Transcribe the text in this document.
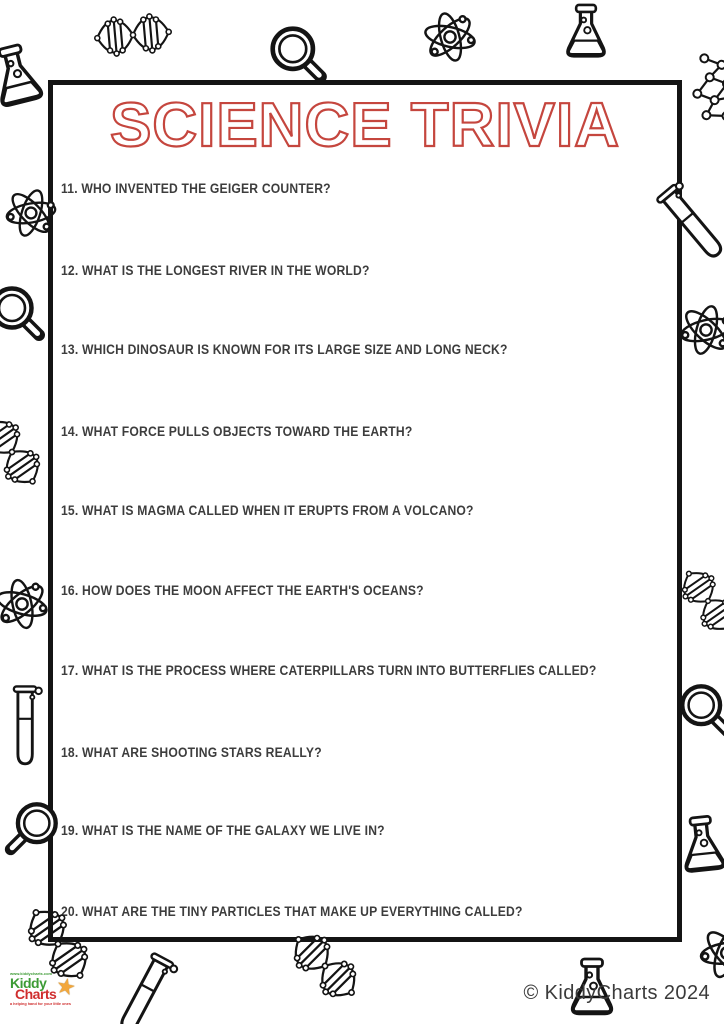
SCIENCE TRIVIA
11. WHO INVENTED THE GEIGER COUNTER?
12. WHAT IS THE LONGEST RIVER IN THE WORLD?
13. WHICH DINOSAUR IS KNOWN FOR ITS LARGE SIZE AND LONG NECK?
14. WHAT FORCE PULLS OBJECTS TOWARD THE EARTH?
15. WHAT IS MAGMA CALLED WHEN IT ERUPTS FROM A VOLCANO?
16. HOW DOES THE MOON AFFECT THE EARTH'S OCEANS?
17. WHAT IS THE PROCESS WHERE CATERPILLARS TURN INTO BUTTERFLIES CALLED?
18. WHAT ARE SHOOTING STARS REALLY?
19. WHAT IS THE NAME OF THE GALAXY WE LIVE IN?
20. WHAT ARE THE TINY PARTICLES THAT MAKE UP EVERYTHING CALLED?
© KiddyCharts 2024
www.kiddycharts.com
Kiddy
Charts
★
a helping hand for your little ones
